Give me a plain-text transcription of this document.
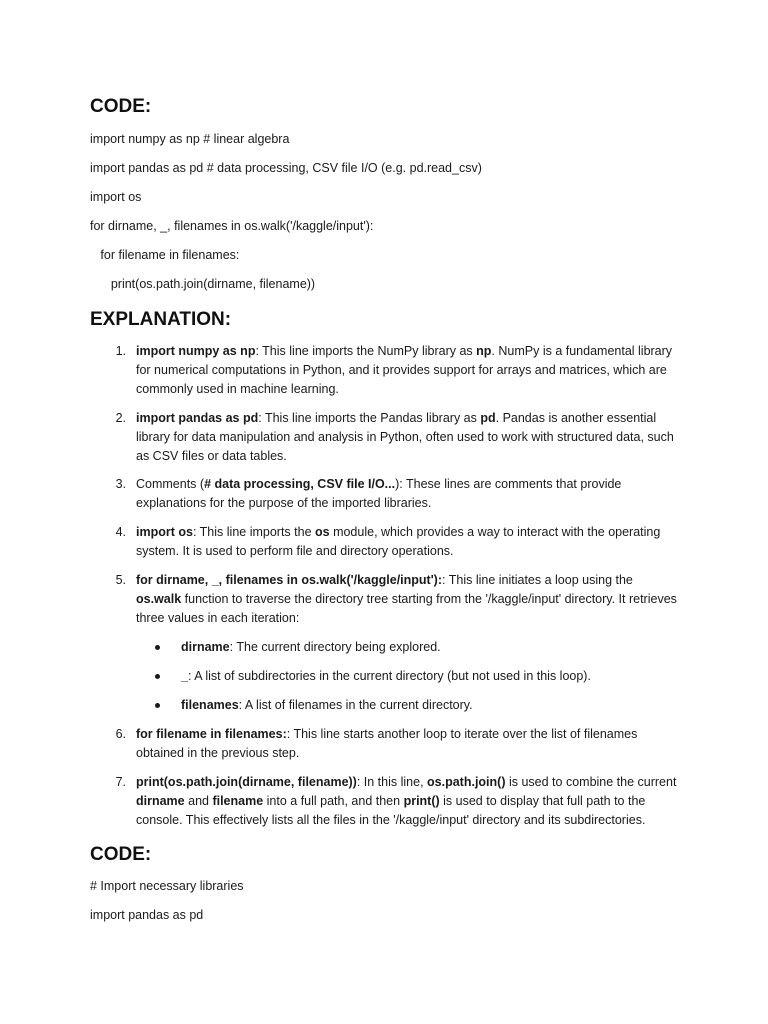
CODE:
import numpy as np # linear algebra
import pandas as pd # data processing, CSV file I/O (e.g. pd.read_csv)
import os
for dirname, _, filenames in os.walk('/kaggle/input'):
for filename in filenames:
print(os.path.join(dirname, filename))
EXPLANATION:
1. import numpy as np: This line imports the NumPy library as np. NumPy is a fundamental library for numerical computations in Python, and it provides support for arrays and matrices, which are commonly used in machine learning.
2. import pandas as pd: This line imports the Pandas library as pd. Pandas is another essential library for data manipulation and analysis in Python, often used to work with structured data, such as CSV files or data tables.
3. Comments (# data processing, CSV file I/O...): These lines are comments that provide explanations for the purpose of the imported libraries.
4. import os: This line imports the os module, which provides a way to interact with the operating system. It is used to perform file and directory operations.
5. for dirname, _, filenames in os.walk('/kaggle/input'):: This line initiates a loop using the os.walk function to traverse the directory tree starting from the '/kaggle/input' directory. It retrieves three values in each iteration:
dirname: The current directory being explored.
_: A list of subdirectories in the current directory (but not used in this loop).
filenames: A list of filenames in the current directory.
6. for filename in filenames:: This line starts another loop to iterate over the list of filenames obtained in the previous step.
7. print(os.path.join(dirname, filename)): In this line, os.path.join() is used to combine the current dirname and filename into a full path, and then print() is used to display that full path to the console. This effectively lists all the files in the '/kaggle/input' directory and its subdirectories.
CODE:
# Import necessary libraries
import pandas as pd
